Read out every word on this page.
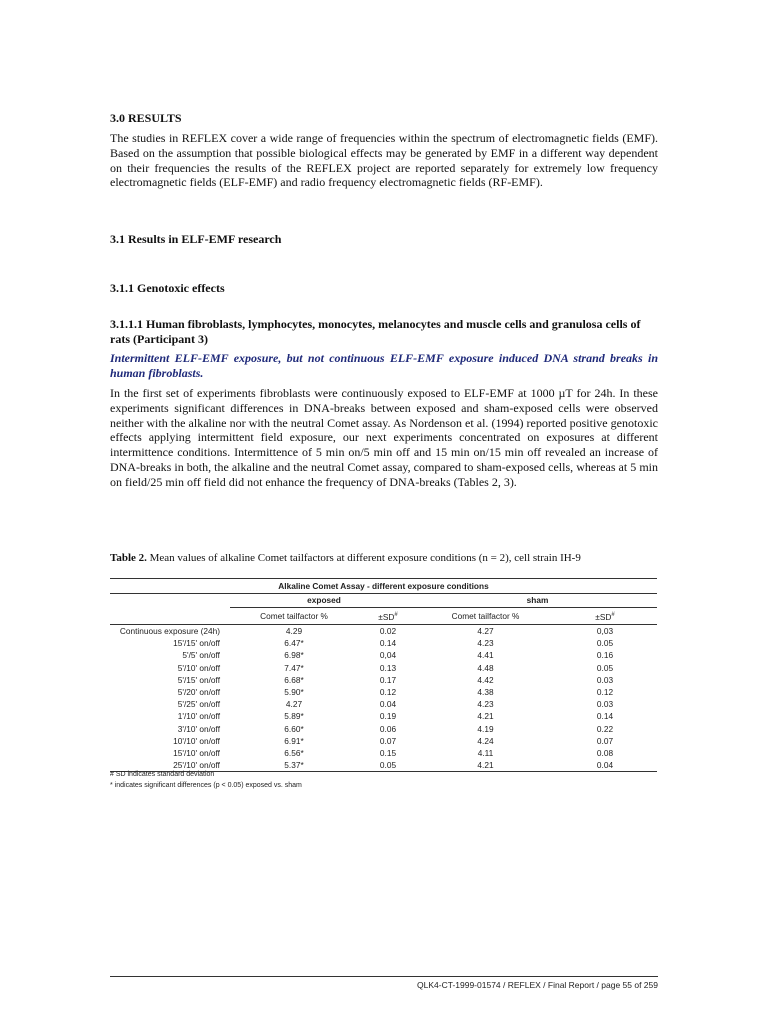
3.0 RESULTS

The studies in REFLEX cover a wide range of frequencies within the spectrum of electromagnetic fields (EMF). Based on the assumption that possible biological effects may be generated by EMF in a different way dependent on their frequencies the results of the REFLEX project are reported separately for extremely low frequency electromagnetic fields (ELF-EMF) and radio frequency electromagnetic fields (RF-EMF).

3.1 Results in ELF-EMF research
3.1.1 Genotoxic effects
3.1.1.1 Human fibroblasts, lymphocytes, monocytes, melanocytes and muscle cells and granulosa cells of rats (Participant 3)

Intermittent ELF-EMF exposure, but not continuous ELF-EMF exposure induced DNA strand breaks in human fibroblasts.

In the first set of experiments fibroblasts were continuously exposed to ELF-EMF at 1000 µT for 24h. In these experiments significant differences in DNA-breaks between exposed and sham-exposed cells were observed neither with the alkaline nor with the neutral Comet assay. As Nordenson et al. (1994) reported positive genotoxic effects applying intermittent field exposure, our next experiments concentrated on exposures at different intermittence conditions. Intermittence of 5 min on/5 min off and 15 min on/15 min off revealed an increase of DNA-breaks in both, the alkaline and the neutral Comet assay, compared to sham-exposed cells, whereas at 5 min on field/25 min off field did not enhance the frequency of DNA-breaks (Tables 2, 3).

Table 2. Mean values of alkaline Comet tailfactors at different exposure conditions (n = 2), cell strain IH-9
Alkaline Comet Assay - different exposure conditions				
	exposed		sham	
	Comet tailfactor %	±SD#	Comet tailfactor %	±SD#
Continuous exposure (24h)	4.29	0.02	4.27	0,03
15'/15' on/off	6.47*	0.14	4.23	0.05
5'/5' on/off	6.98*	0,04	4.41	0.16
5'/10' on/off	7.47*	0.13	4.48	0.05
5'/15' on/off	6.68*	0.17	4.42	0.03
5'/20' on/off	5.90*	0.12	4.38	0.12
5'/25' on/off	4.27	0.04	4.23	0.03
1'/10' on/off	5.89*	0.19	4.21	0.14
3'/10' on/off	6.60*	0.06	4.19	0.22
10'/10' on/off	6.91*	0.07	4.24	0.07
15'/10' on/off	6.56*	0.15	4.11	0.08
25'/10' on/off	5.37*	0.05	4.21	0.04
# SD indicates standard deviation
* indicates significant differences (p < 0.05) exposed vs. sham
QLK4-CT-1999-01574 / REFLEX / Final Report / page 55 of 259
